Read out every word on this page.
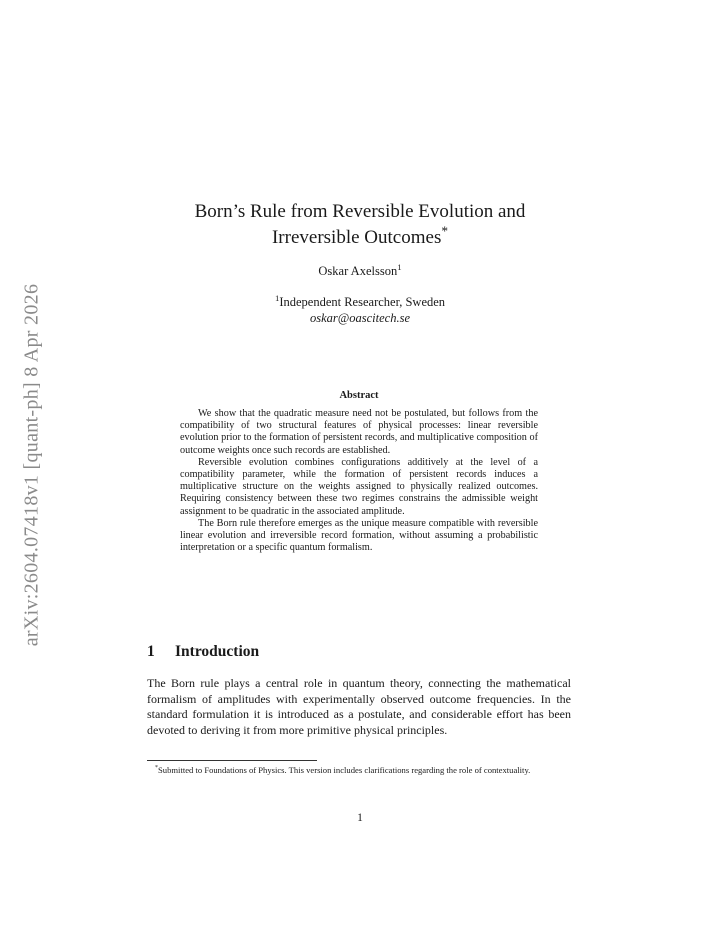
arXiv:2604.07418v1 [quant-ph] 8 Apr 2026
Born’s Rule from Reversible Evolution and
Irreversible Outcomes*
Oskar Axelsson$^1$
$^1$Independent Researcher, Sweden
oskar@oascitech.se
Abstract

We show that the quadratic measure need not be postulated, but follows from the compatibility of two structural features of physical processes: linear reversible evolution prior to the formation of persistent records, and multiplicative composition of outcome weights once such records are established.

Reversible evolution combines configurations additively at the level of a compatibility parameter, while the formation of persistent records induces a multiplicative structure on the weights assigned to physically realized outcomes. Requiring consistency between these two regimes constrains the admissible weight assignment to be quadratic in the associated amplitude.

The Born rule therefore emerges as the unique measure compatible with reversible linear evolution and irreversible record formation, without assuming a probabilistic interpretation or a specific quantum formalism.

1 Introduction

The Born rule plays a central role in quantum theory, connecting the mathematical formalism of amplitudes with experimentally observed outcome frequencies. In the standard formulation it is introduced as a postulate, and considerable effort has been devoted to deriving it from more primitive physical principles.

*Submitted to Foundations of Physics. This version includes clarifications regarding the role of contextuality.
1
